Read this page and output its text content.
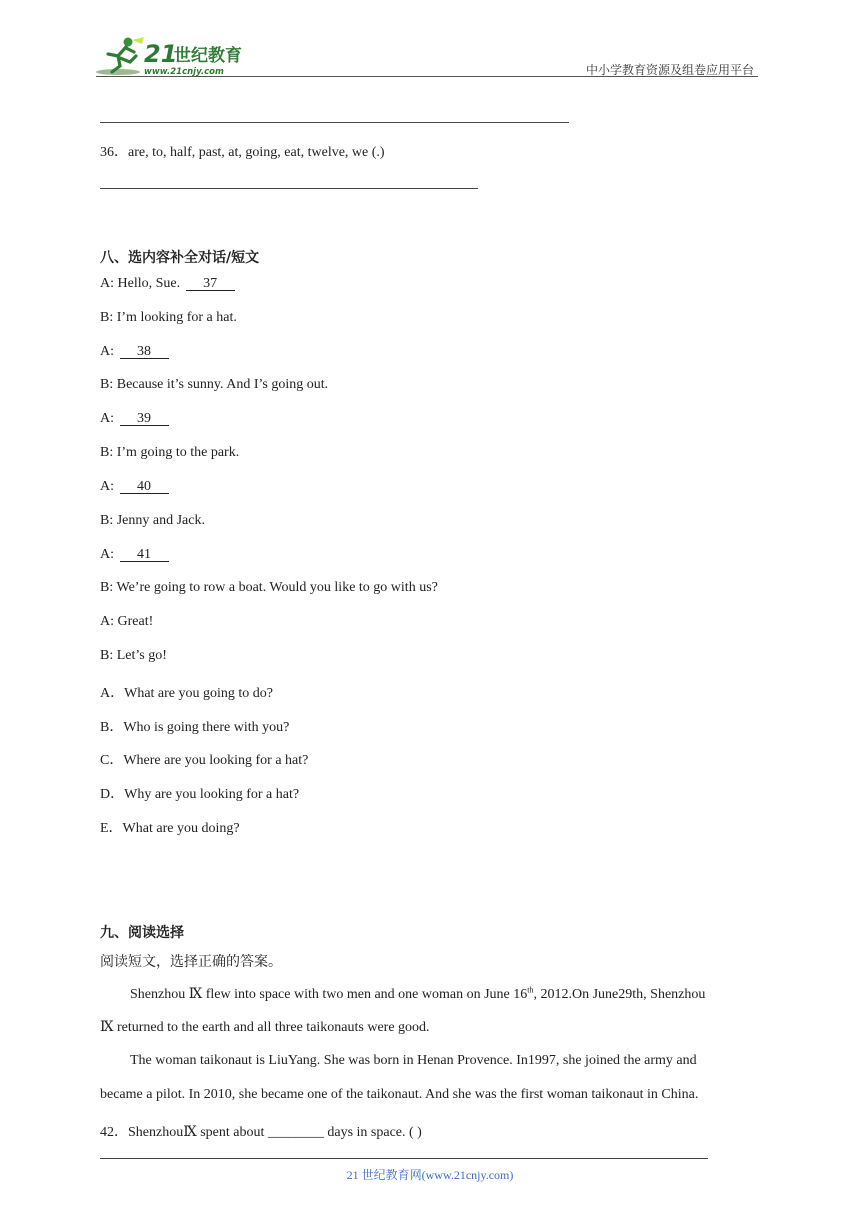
21
世纪教育
www.21cnjy.com	中小学教育资源及组卷应用平台
36．are, to, half, past, at, going, eat, twelve, we (.)
八、选内容补全对话/短文
A: Hello, Sue.      37
B: I’m looking for a hat.
A:      38
B: Because it’s sunny. And I’s going out.
A:      39
B: I’m going to the park.
A:      40
B: Jenny and Jack.
A:      41
B: We’re going to row a boat. Would you like to go with us?
A: Great!
B: Let’s go!
A．What are you going to do?
B．Who is going there with you?
C．Where are you looking for a hat?
D．Why are you looking for a hat?
E．What are you doing?
九、阅读选择
阅读短文，选择正确的答案。
Shenzhou Ⅸ flew into space with two men and one woman on June 16th, 2012.On June29th, Shenzhou
Ⅸ returned to the earth and all three taikonauts were good.
The woman taikonaut is LiuYang. She was born in Henan Provence. In1997, she joined the army and
became a pilot. In 2010, she became one of the taikonaut. And she was the first woman taikonaut in China.
42．ShenzhouⅨ spent about ________ days in space. ( )
21 世纪教育网(www.21cnjy.com)
